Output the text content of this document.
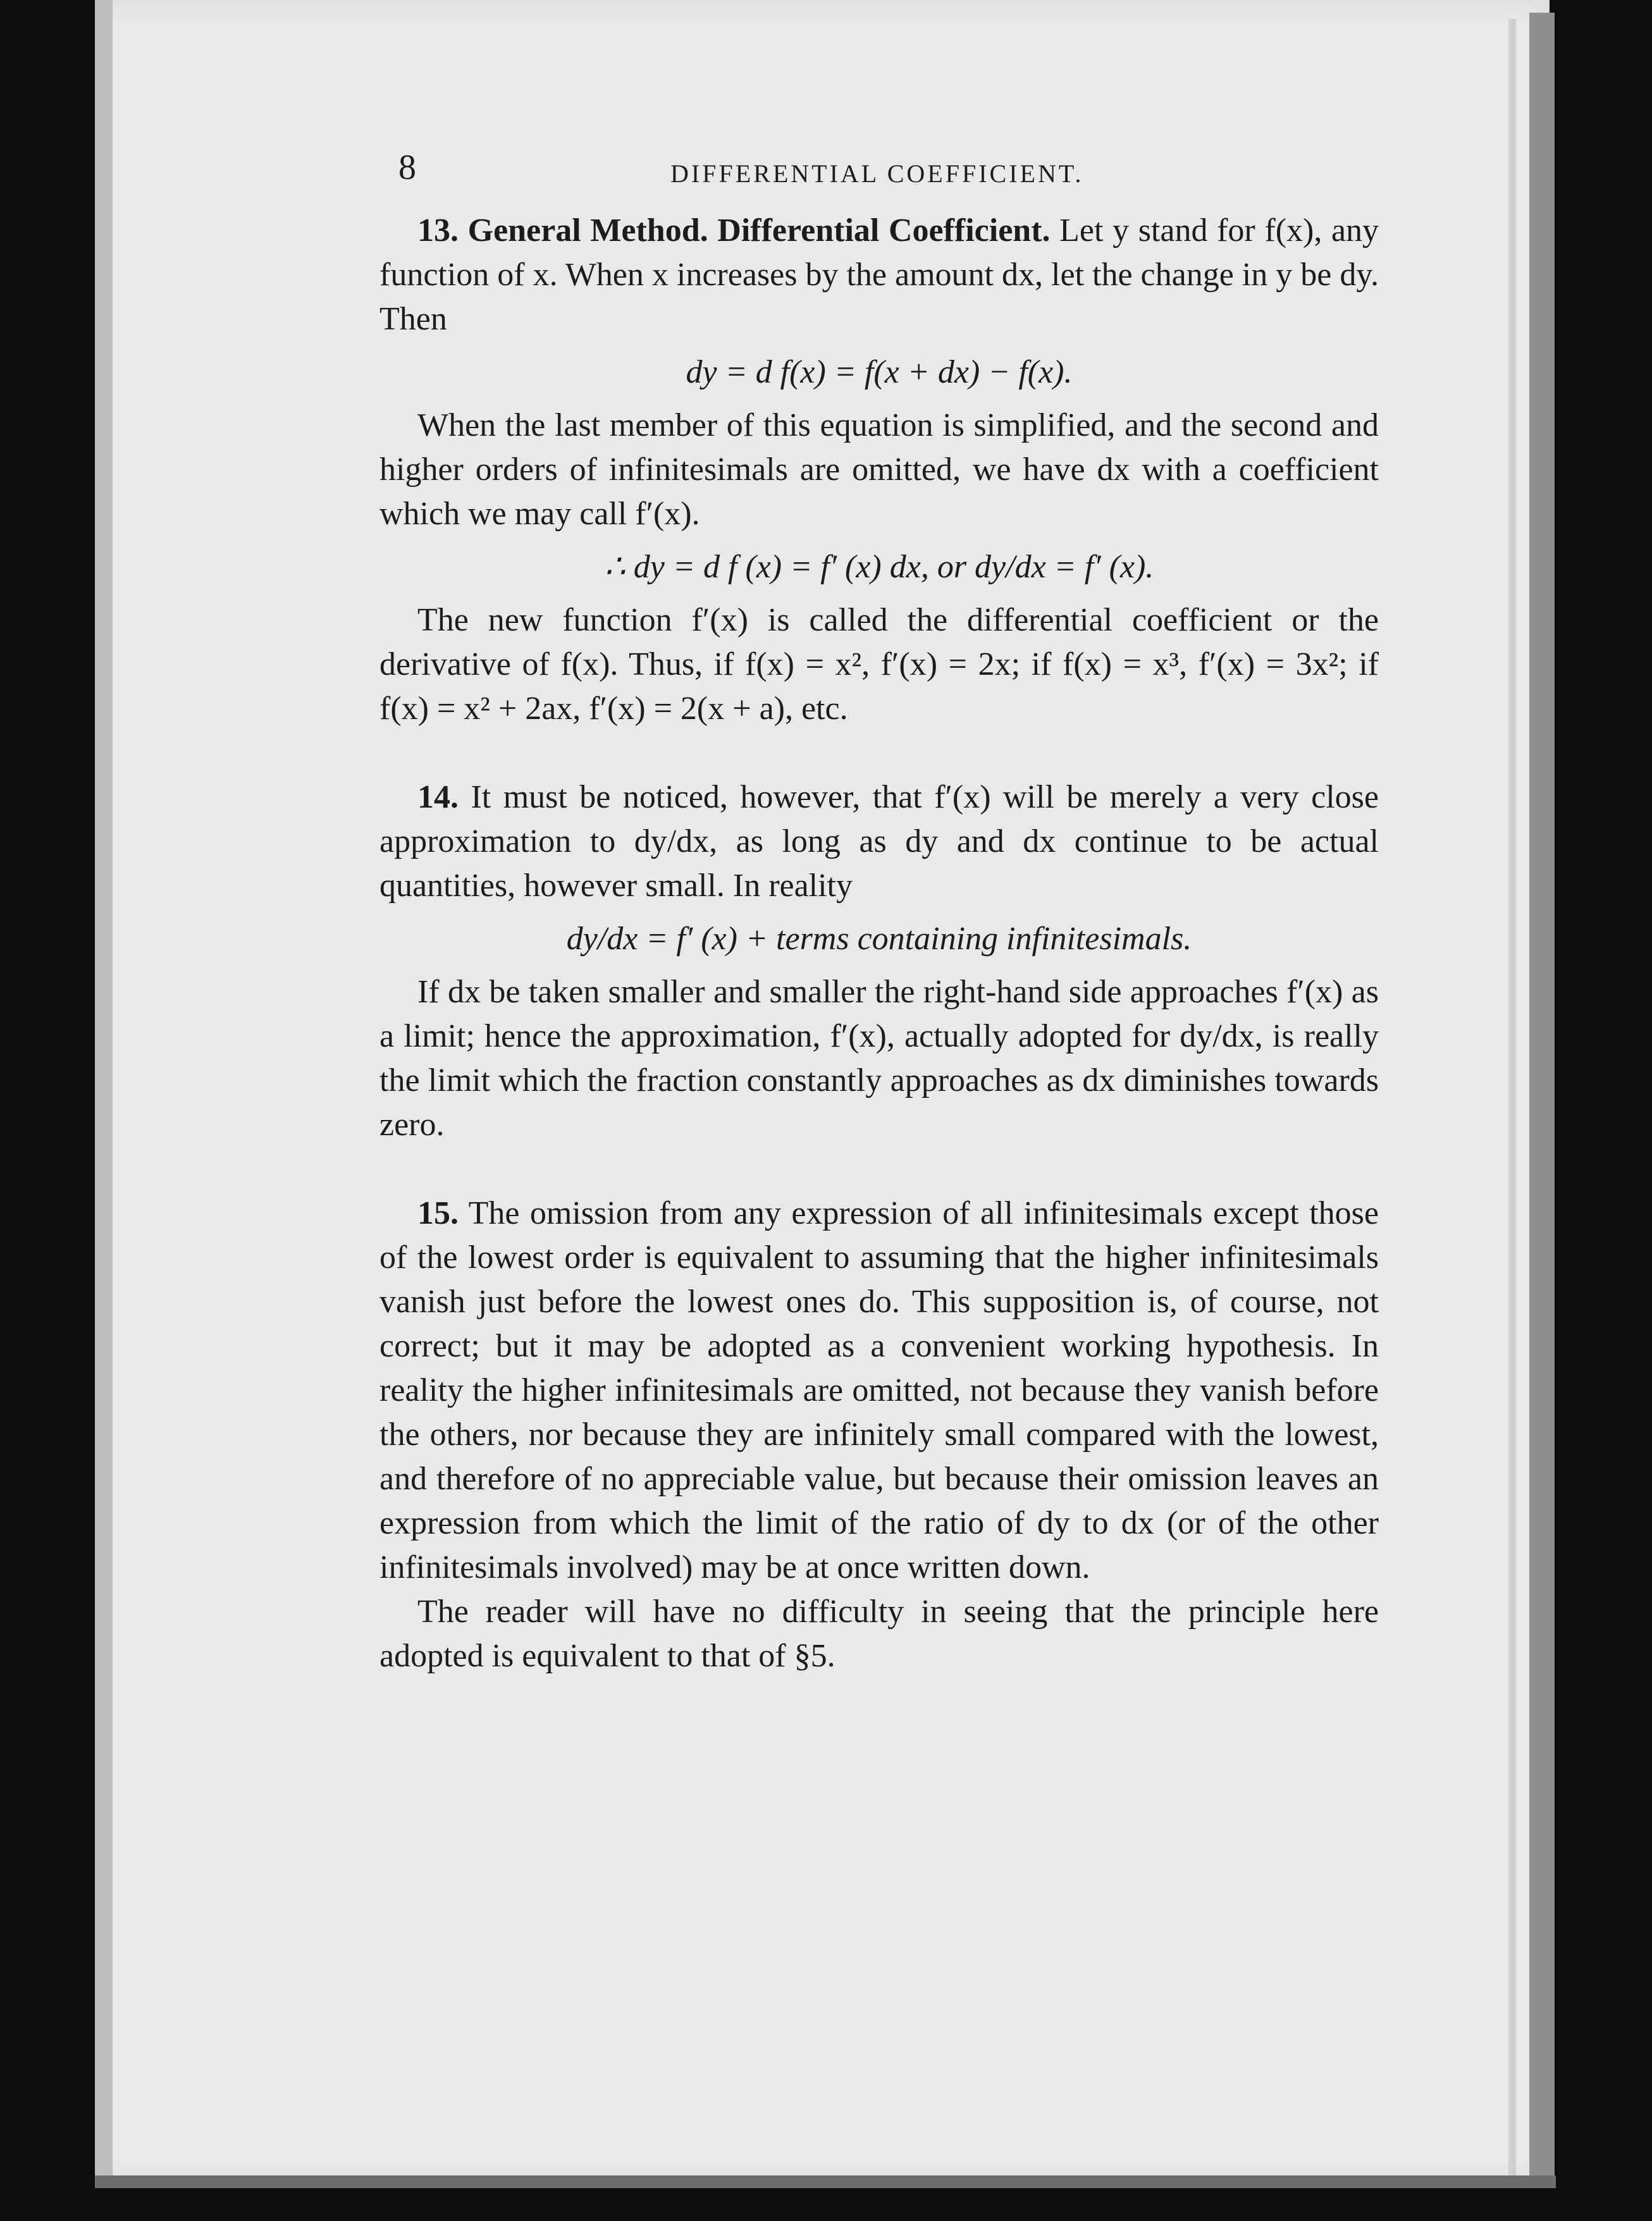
8	DIFFERENTIAL COEFFICIENT.

13. General Method. Differential Coefficient. Let y stand for f(x), any function of x. When x increases by the amount dx, let the change in y be dy. Then

dy = d f(x) = f(x + dx) − f(x).

When the last member of this equation is simplified, and the second and higher orders of infinitesimals are omitted, we have dx with a coefficient which we may call f′(x).

∴ dy = d f (x) = f′ (x) dx, or dy/dx = f′ (x).

The new function f′(x) is called the differential coefficient or the derivative of f(x). Thus, if f(x) = x², f′(x) = 2x; if f(x) = x³, f′(x) = 3x²; if f(x) = x² + 2ax, f′(x) = 2(x + a), etc.

14. It must be noticed, however, that f′(x) will be merely a very close approximation to dy/dx, as long as dy and dx continue to be actual quantities, however small. In reality

dy/dx = f′ (x) + terms containing infinitesimals.

If dx be taken smaller and smaller the right-hand side approaches f′(x) as a limit; hence the approximation, f′(x), actually adopted for dy/dx, is really the limit which the fraction constantly approaches as dx diminishes towards zero.

15. The omission from any expression of all infinitesimals except those of the lowest order is equivalent to assuming that the higher infinitesimals vanish just before the lowest ones do. This supposition is, of course, not correct; but it may be adopted as a convenient working hypothesis. In reality the higher infinitesimals are omitted, not because they vanish before the others, nor because they are infinitely small compared with the lowest, and therefore of no appreciable value, but because their omission leaves an expression from which the limit of the ratio of dy to dx (or of the other infinitesimals involved) may be at once written down.

The reader will have no difficulty in seeing that the principle here adopted is equivalent to that of §5.
